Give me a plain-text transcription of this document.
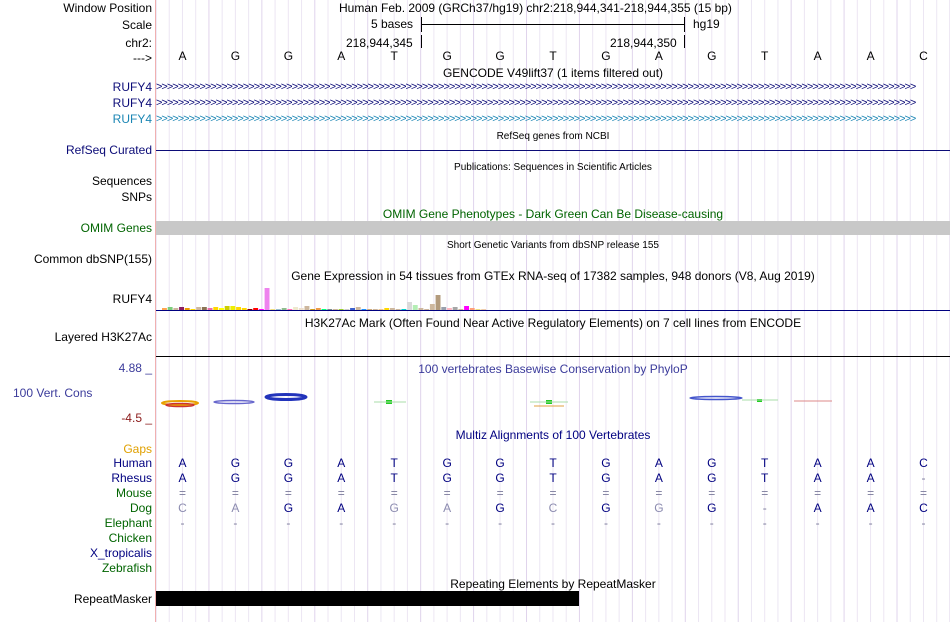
Window Position	Human Feb. 2009 (GRCh37/hg19) chr2:218,944,341-218,944,355 (15 bp)
Scale	5 bases	hg19
chr2:	218,944,345	218,944,350
--->	A	G	G	A	T	G	G	T	G	A	G	T	A	A	C
GENCODE V49lift37 (1 items filtered out)
RUFY4 >>>>>>>>>>>>>>>>>>>>>>>>>>>>>>>>>>>>>>>>>>>>>>>>>>>>>>>>>>>>>>>>>>>>>>>>>>>>>>>>>>>>>>>>>>>>>>>>>>>>>>>>>>>>>>>>>>>>>>>>>>>>>>>>>>>>>>>>>>>>
RUFY4 >>>>>>>>>>>>>>>>>>>>>>>>>>>>>>>>>>>>>>>>>>>>>>>>>>>>>>>>>>>>>>>>>>>>>>>>>>>>>>>>>>>>>>>>>>>>>>>>>>>>>>>>>>>>>>>>>>>>>>>>>>>>>>>>>>>>>>>>>>>>
RUFY4 >>>>>>>>>>>>>>>>>>>>>>>>>>>>>>>>>>>>>>>>>>>>>>>>>>>>>>>>>>>>>>>>>>>>>>>>>>>>>>>>>>>>>>>>>>>>>>>>>>>>>>>>>>>>>>>>>>>>>>>>>>>>>>>>>>>>>>>>>>>>
RefSeq genes from NCBI
RefSeq Curated
Publications: Sequences in Scientific Articles
Sequences
SNPs
OMIM Gene Phenotypes - Dark Green Can Be Disease-causing
OMIM Genes
Short Genetic Variants from dbSNP release 155
Common dbSNP(155)
Gene Expression in 54 tissues from GTEx RNA-seq of 17382 samples, 948 donors (V8, Aug 2019)
RUFY4
H3K27Ac Mark (Often Found Near Active Regulatory Elements) on 7 cell lines from ENCODE
Layered H3K27Ac
100 vertebrates Basewise Conservation by PhyloP
4.88 _
100 Vert. Cons
-4.5 _
Multiz Alignments of 100 Vertebrates
Gaps
Human	A	G	G	A	T	G	G	T	G	A	G	T	A	A	C
Rhesus	A	G	G	A	T	G	G	T	G	A	G	T	A	A	-
Mouse	=	=	=	=	=	=	=	=	=	=	=	=	=	=	=
Dog	C	A	G	A	G	A	G	C	G	G	G	-	A	A	C
Elephant	-	-	-	-	-	-	-	-	-	-	-	-	-	-	-
Chicken
X_tropicalis
Zebrafish
Repeating Elements by RepeatMasker
RepeatMasker
